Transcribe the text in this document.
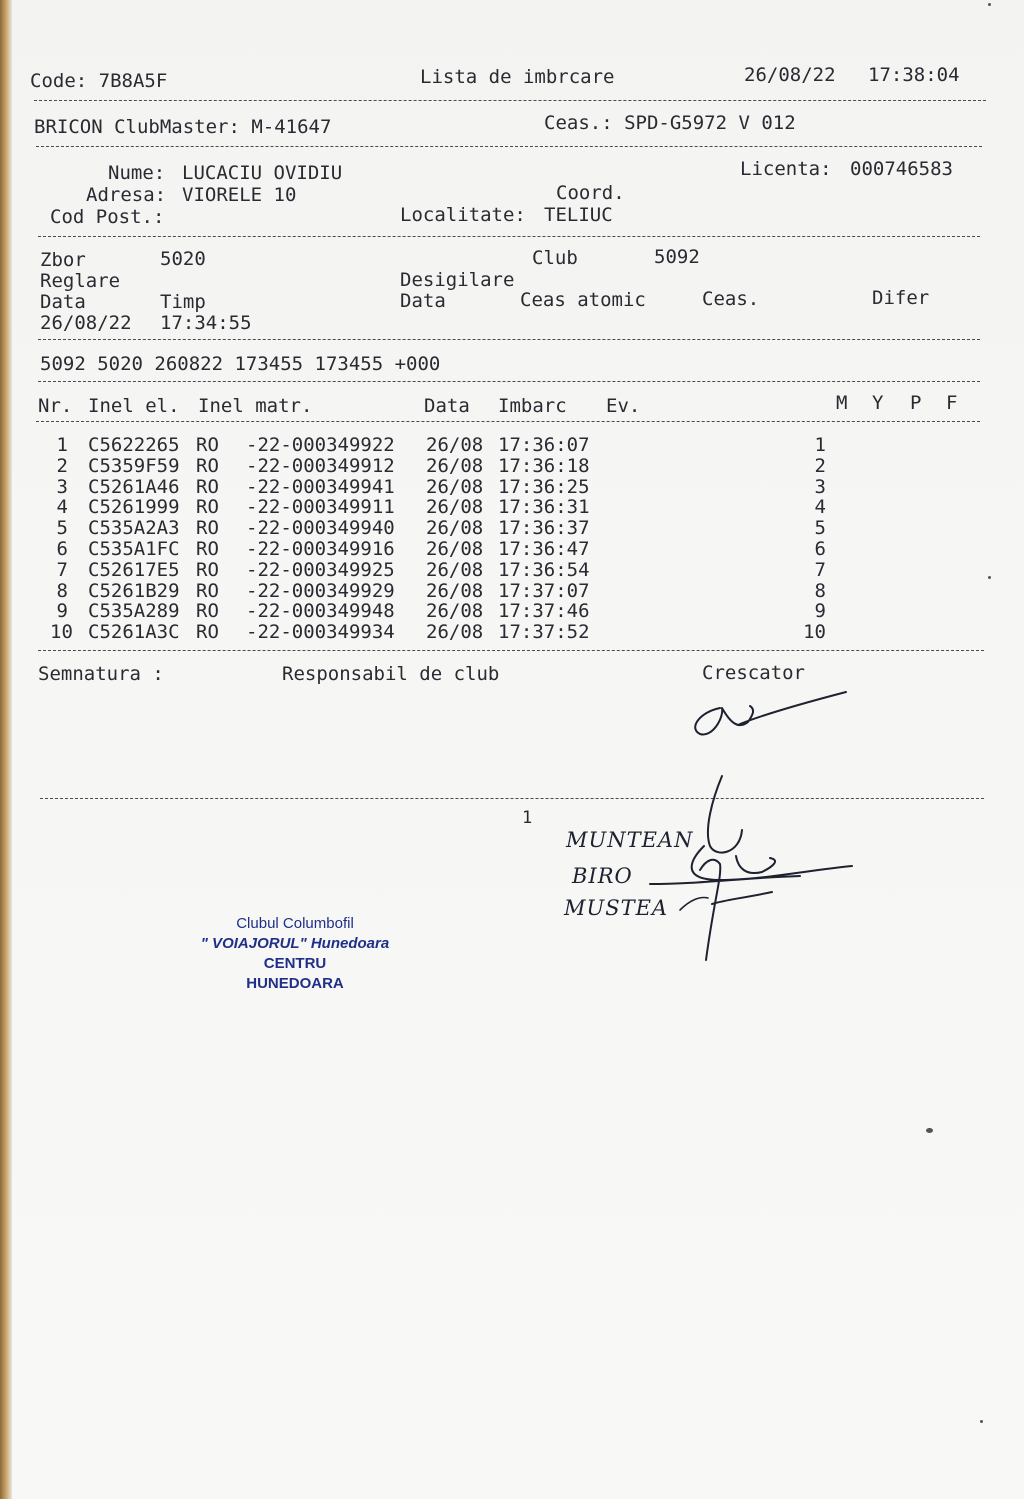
Code: 7B8A5F	Lista de imbrcare	26/08/22 17:38:04
BRICON ClubMaster: M-41647	Ceas.: SPD-G5972 V 012
Nume: LUCACIU OVIDIU	Licenta: 000746583
Adresa: VIORELE 10	Coord.
Cod Post.:	Localitate: TELIUC
Zbor	5020	Club	5092
Reglare	Desigilare
Data	Timp	Data	Ceas atomic	Ceas.	Difer
26/08/22 17:34:55
5092 5020 260822 173455 173455 +000
Nr. Inel el. Inel matr.	Data Imbarc Ev.	M Y P F
1 C5622265 RO -22-000349922 26/08 17:36:07	1
2 C5359F59 RO -22-000349912 26/08 17:36:18	2
3 C5261A46 RO -22-000349941 26/08 17:36:25	3
4 C5261999 RO -22-000349911 26/08 17:36:31	4
5 C535A2A3 RO -22-000349940 26/08 17:36:37	5
6 C535A1FC RO -22-000349916 26/08 17:36:47	6
7 C52617E5 RO -22-000349925 26/08 17:36:54	7
8 C5261B29 RO -22-000349929 26/08 17:37:07	8
9 C535A289 RO -22-000349948 26/08 17:37:46	9
10 C5261A3C RO -22-000349934 26/08 17:37:52	10
Semnatura :	Responsabil de club	Crescator
1
MUNTEAN
BIRO
MUSTEA
Clubul Columbofil
" VOIAJORUL" Hunedoara
CENTRU
HUNEDOARA
